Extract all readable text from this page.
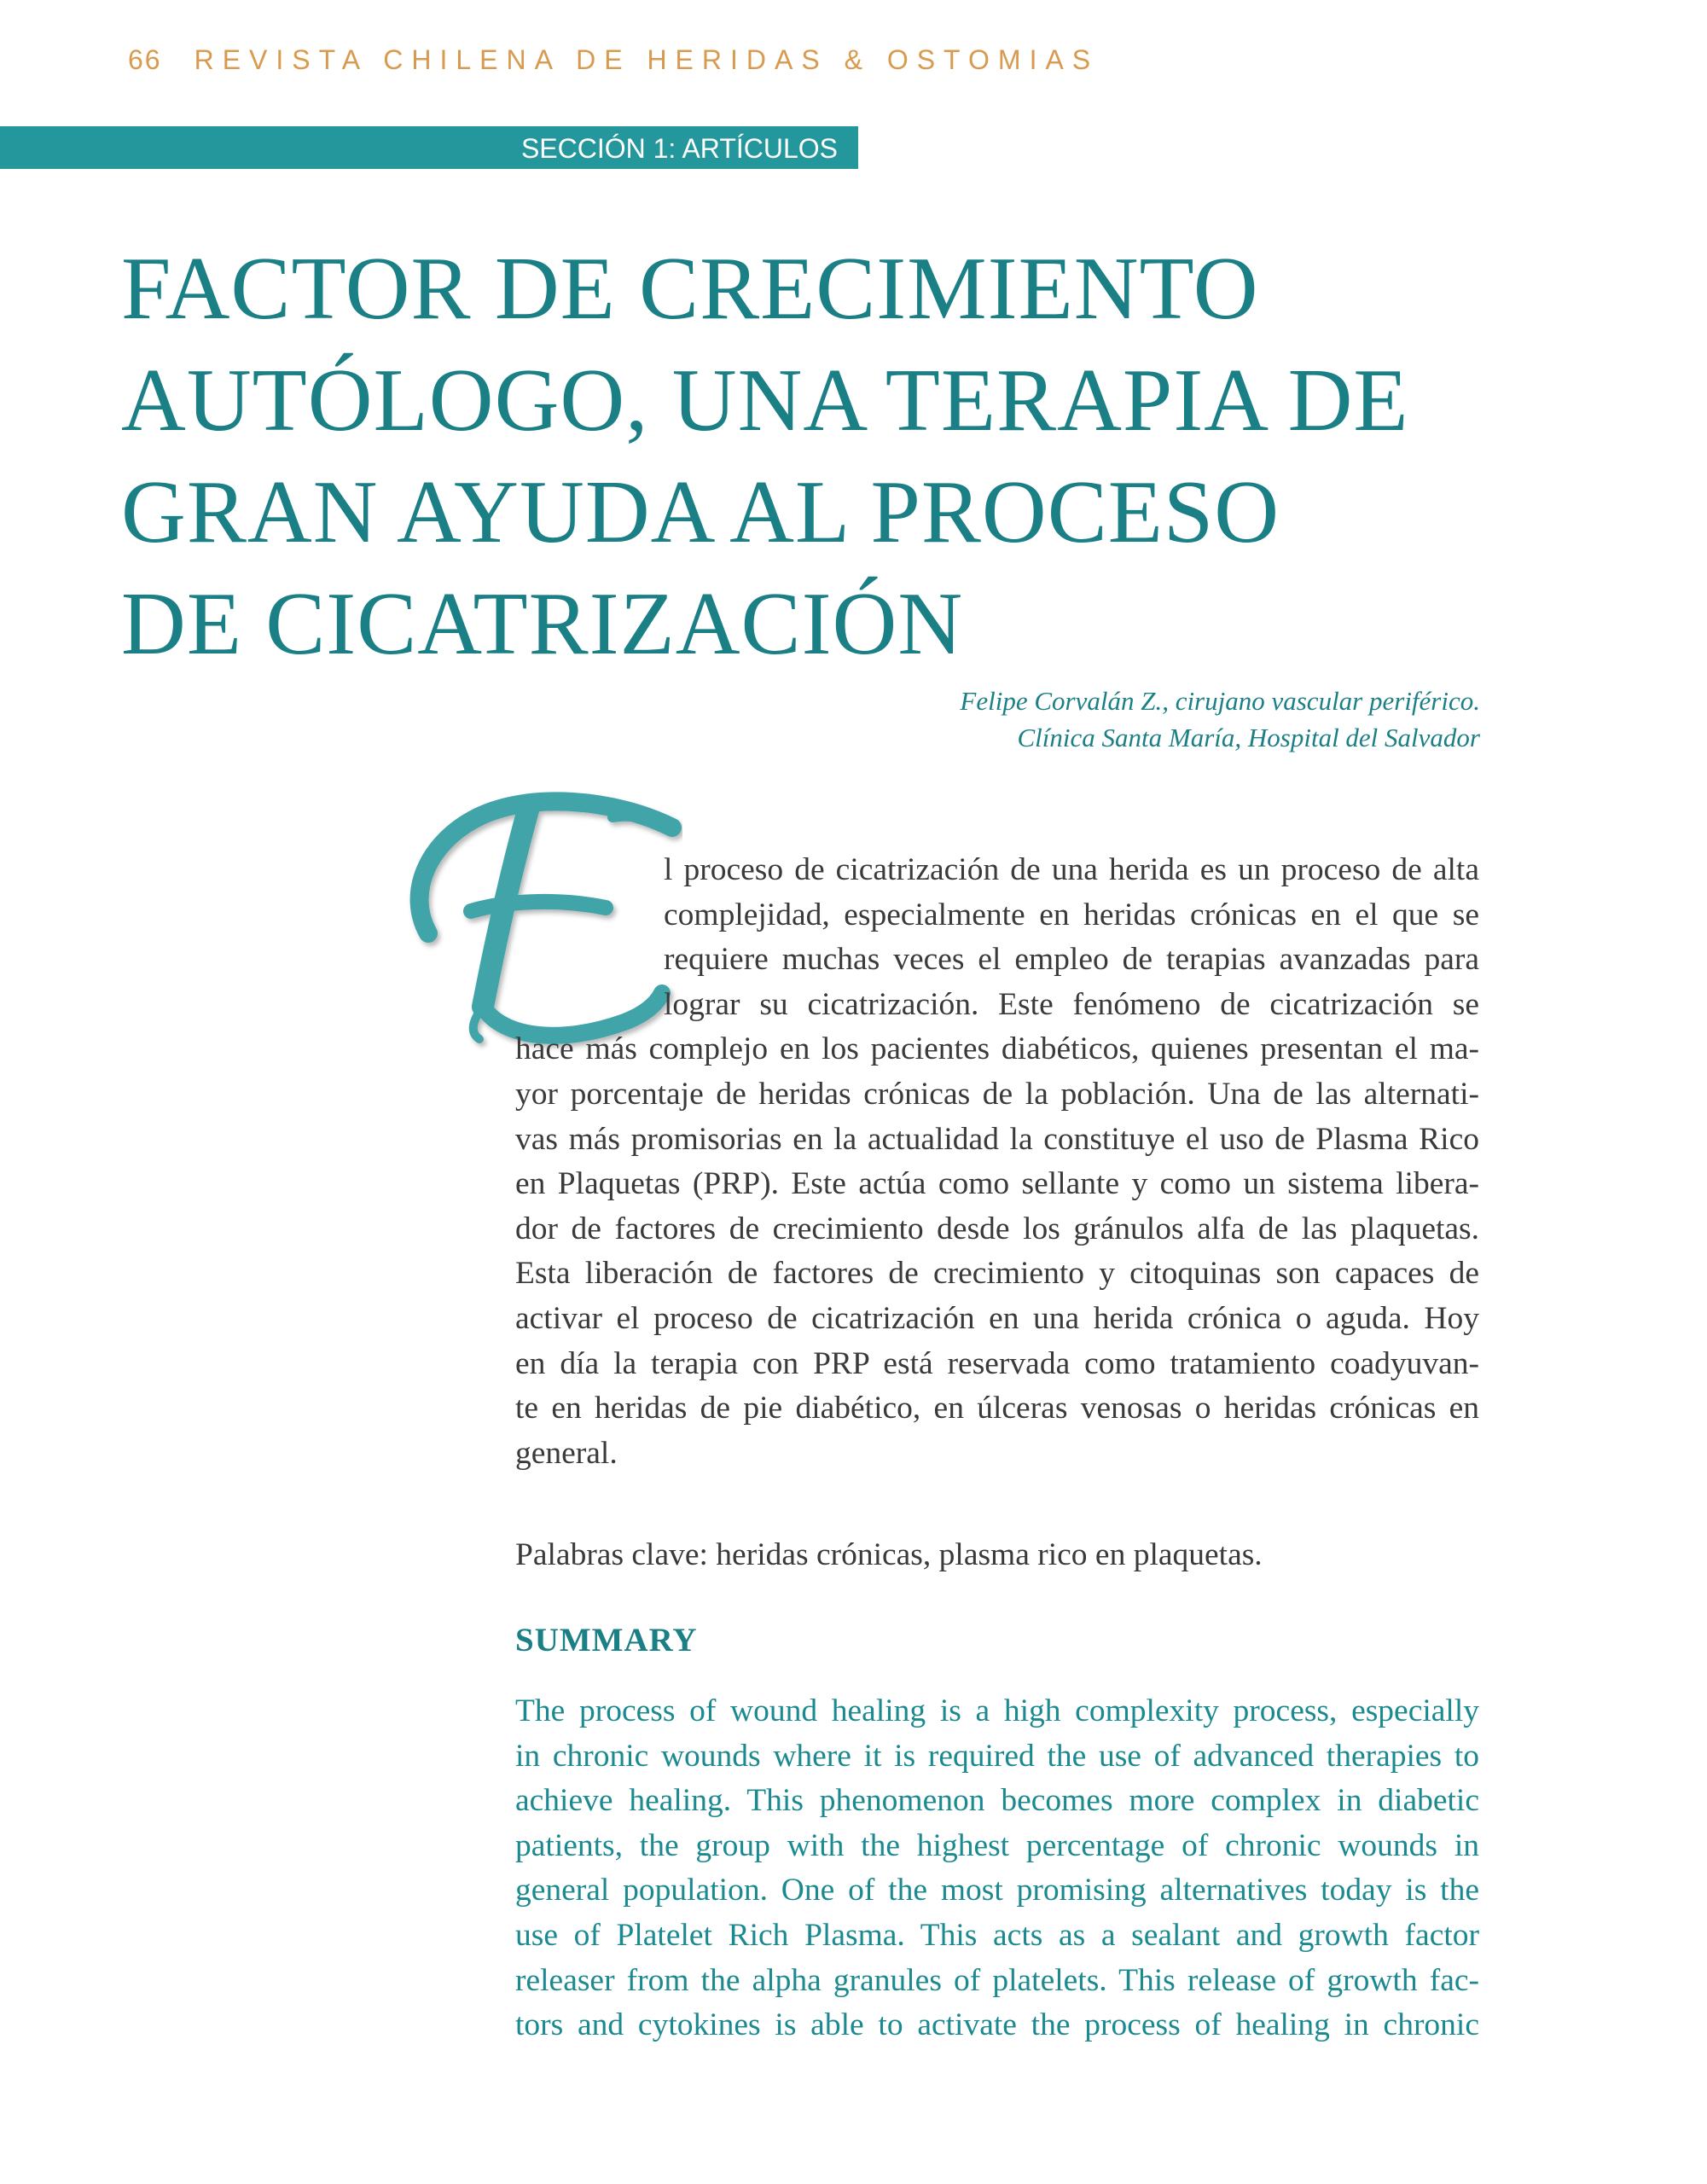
66 REVISTA CHILENA DE HERIDAS & OSTOMIAS
SECCIÓN 1: ARTÍCULOS
FACTOR DE CRECIMIENTO
AUTÓLOGO, UNA TERAPIA DE
GRAN AYUDA AL PROCESO
DE CICATRIZACIÓN
Felipe Corvalán Z., cirujano vascular periférico.
Clínica Santa María, Hospital del Salvador
l proceso de cicatrización de una herida es un proceso de alta
complejidad, especialmente en heridas crónicas en el que se
requiere muchas veces el empleo de terapias avanzadas para
lograr su cicatrización. Este fenómeno de cicatrización se
hace más complejo en los pacientes diabéticos, quienes presentan el ma-
yor porcentaje de heridas crónicas de la población. Una de las alternati-
vas más promisorias en la actualidad la constituye el uso de Plasma Rico
en Plaquetas (PRP). Este actúa como sellante y como un sistema libera-
dor de factores de crecimiento desde los gránulos alfa de las plaquetas.
Esta liberación de factores de crecimiento y citoquinas son capaces de
activar el proceso de cicatrización en una herida crónica o aguda. Hoy
en día la terapia con PRP está reservada como tratamiento coadyuvan-
te en heridas de pie diabético, en úlceras venosas o heridas crónicas en
general.
Palabras clave: heridas crónicas, plasma rico en plaquetas.
SUMMARY
The process of wound healing is a high complexity process, especially
in chronic wounds where it is required the use of advanced therapies to
achieve healing. This phenomenon becomes more complex in diabetic
patients, the group with the highest percentage of chronic wounds in
general population. One of the most promising alternatives today is the
use of Platelet Rich Plasma. This acts as a sealant and growth factor
releaser from the alpha granules of platelets. This release of growth fac-
tors and cytokines is able to activate the process of healing in chronic
